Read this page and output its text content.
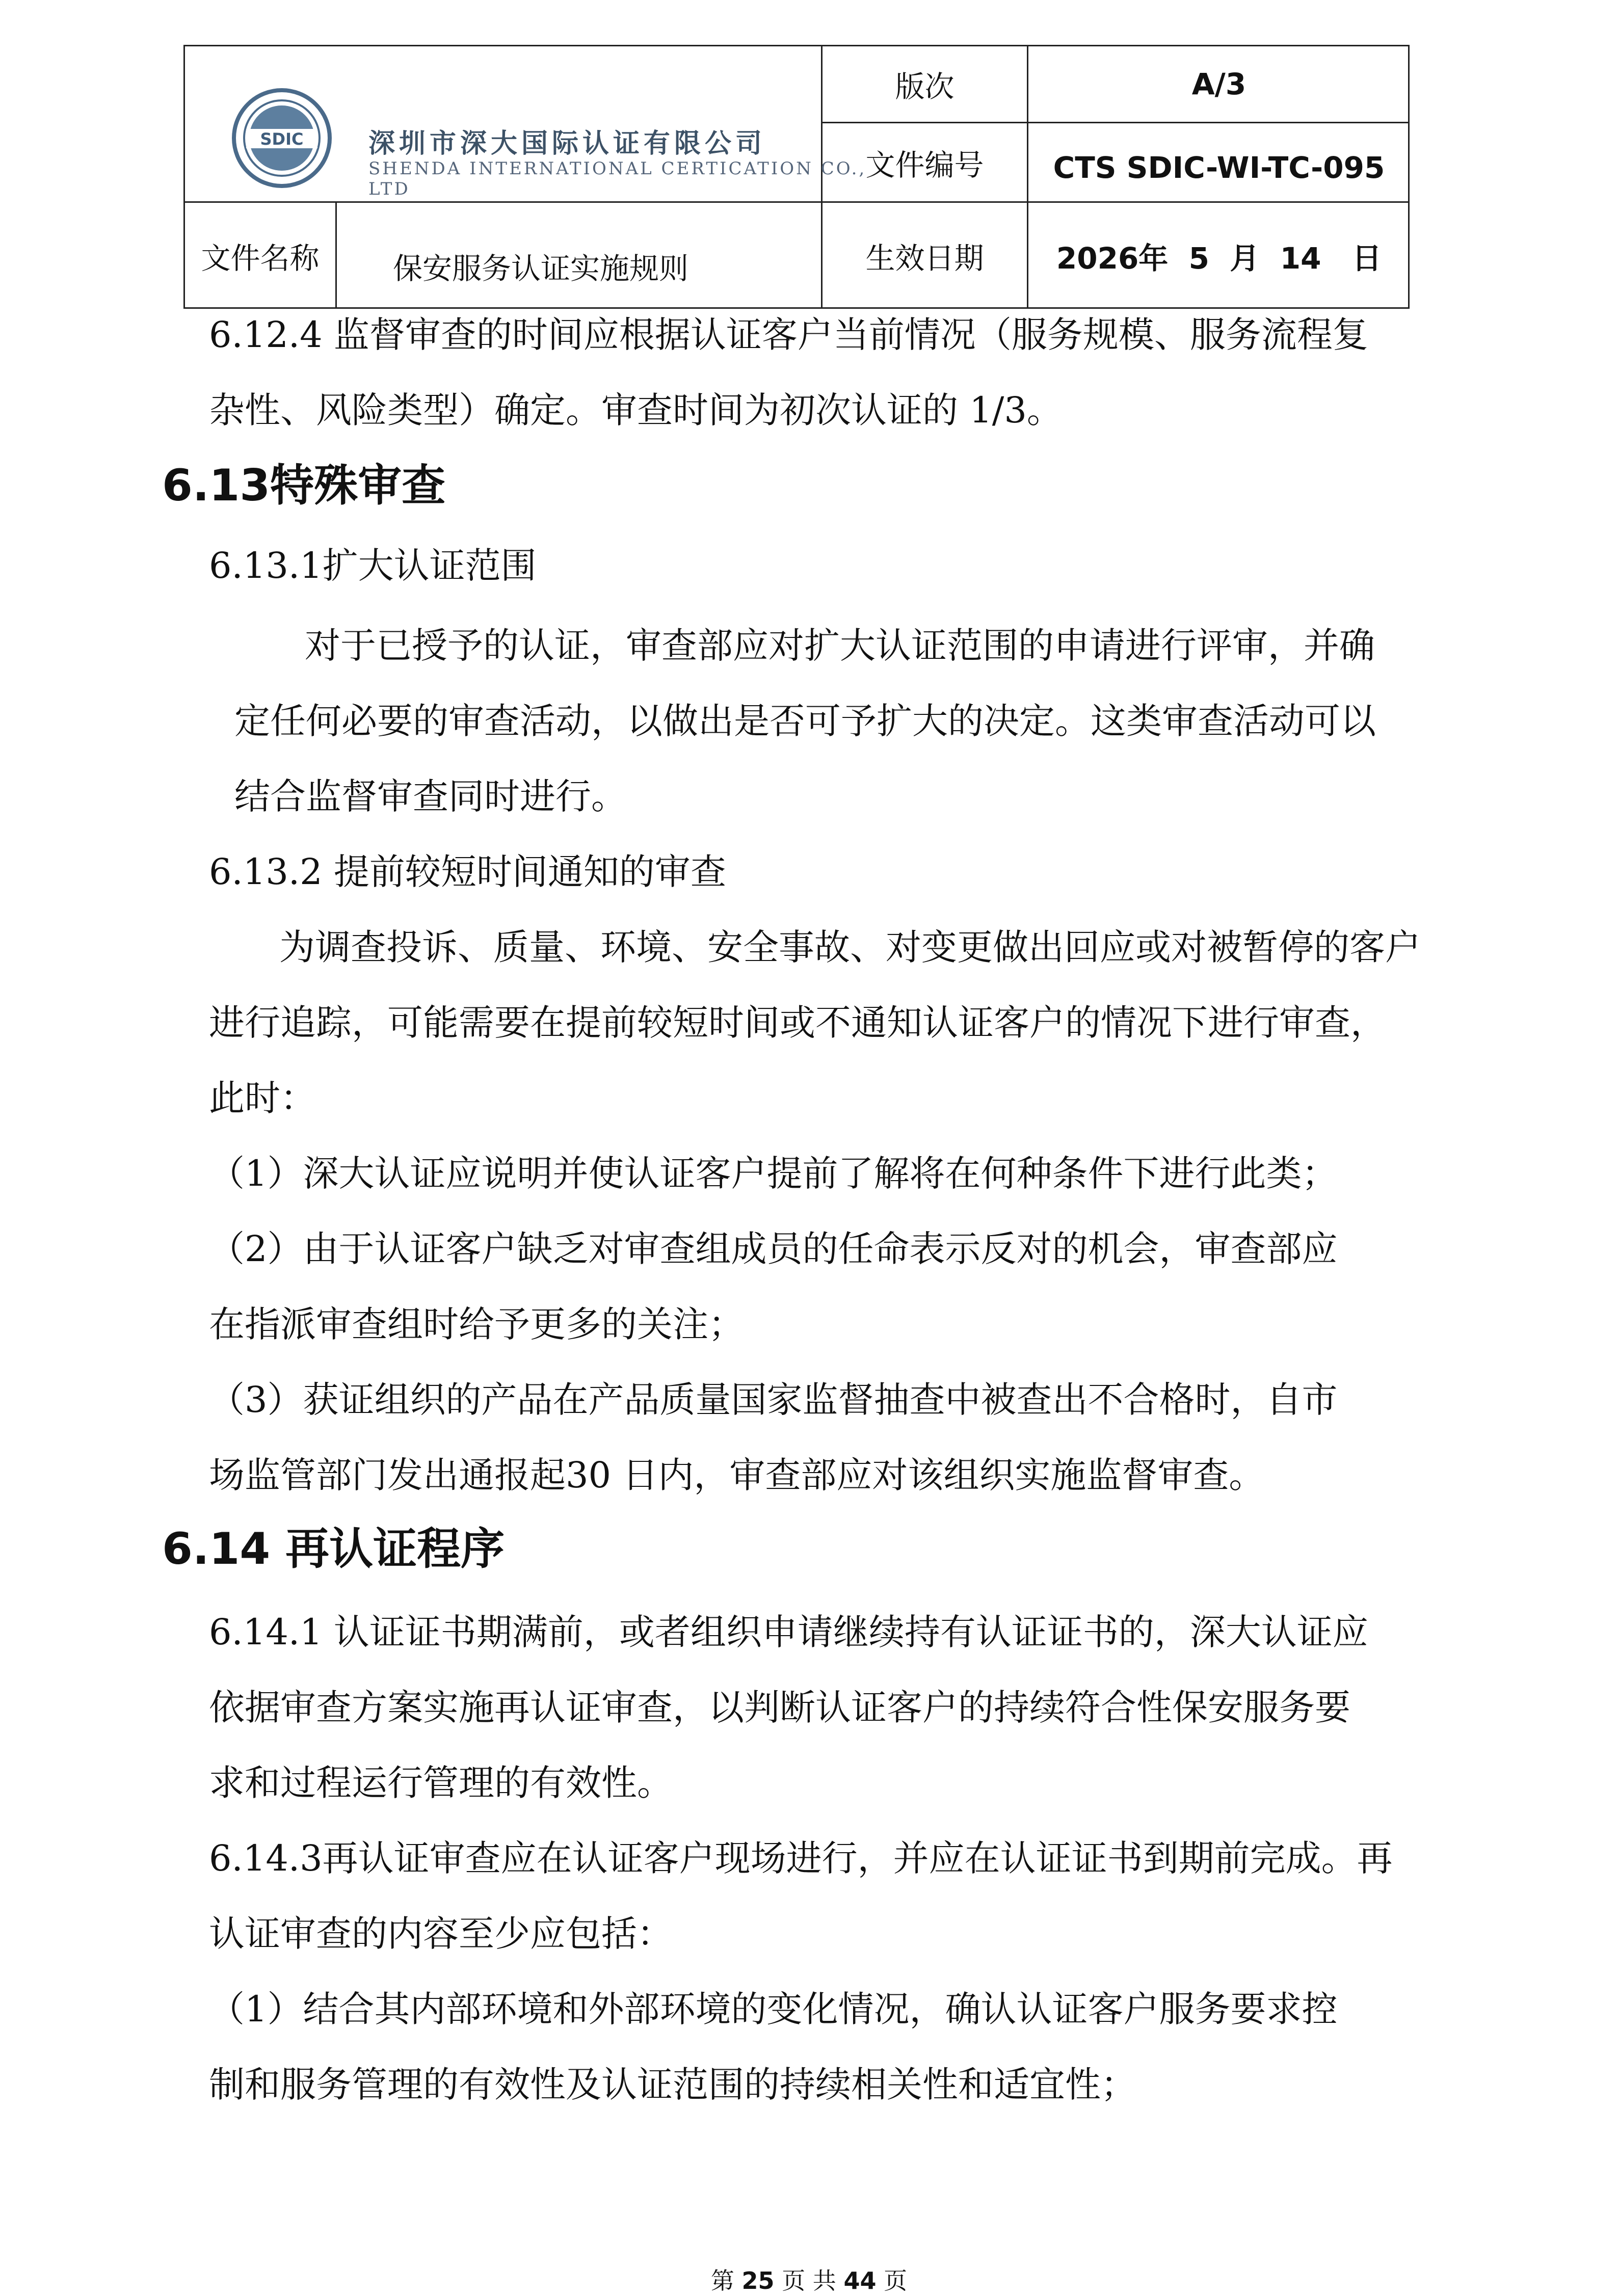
SDIC 深圳市深大国际认证有限公司
SHENDA INTERNATIONAL CERTICATION CO., LTD
版次	A/3
文件编号	CTS SDIC-WI-TC-095
文件名称	保安服务认证实施规则	生效日期	2026年  5  月  14   日
6.12.4 监督审查的时间应根据认证客户当前情况（服务规模、服务流程复
杂性、风险类型）确定。审查时间为初次认证的 1/3。
6.13特殊审查
6.13.1扩大认证范围
对于已授予的认证，审查部应对扩大认证范围的申请进行评审，并确
定任何必要的审查活动，以做出是否可予扩大的决定。这类审查活动可以
结合监督审查同时进行。
6.13.2 提前较短时间通知的审查
为调查投诉、质量、环境、安全事故、对变更做出回应或对被暂停的客户
进行追踪，可能需要在提前较短时间或不通知认证客户的情况下进行审查，
此时：
（1）深大认证应说明并使认证客户提前了解将在何种条件下进行此类；
（2）由于认证客户缺乏对审查组成员的任命表示反对的机会，审查部应
在指派审查组时给予更多的关注；
（3）获证组织的产品在产品质量国家监督抽查中被查出不合格时，自市
场监管部门发出通报起30 日内，审查部应对该组织实施监督审查。
6.14 再认证程序
6.14.1 认证证书期满前，或者组织申请继续持有认证证书的，深大认证应
依据审查方案实施再认证审查，以判断认证客户的持续符合性保安服务要
求和过程运行管理的有效性。
6.14.3再认证审查应在认证客户现场进行，并应在认证证书到期前完成。再
认证审查的内容至少应包括：
（1）结合其内部环境和外部环境的变化情况，确认认证客户服务要求控
制和服务管理的有效性及认证范围的持续相关性和适宜性；
第 25 页 共 44 页
